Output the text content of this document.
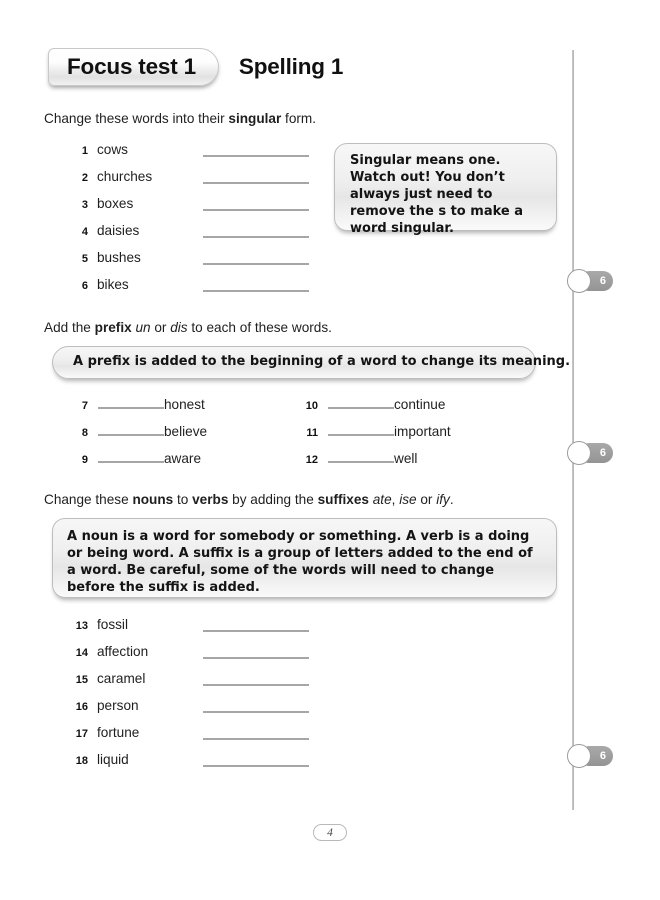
Focus test 1 Spelling 1
Change these words into their singular form.
Singular means one. Watch out! You don’t always just need to remove the s to make a word singular.
1 cows
2 churches
3 boxes
4 daisies
5 bushes
6 bikes	6
Add the prefix un or dis to each of these words.
A prefix is added to the beginning of a word to change its meaning.
7	honest
8	believe
9	aware
10	continue
11	important
12	well	6
Change these nouns to verbs by adding the suffixes ate, ise or ify.
A noun is a word for somebody or something. A verb is a doing or being word. A suffix is a group of letters added to the end of a word. Be careful, some of the words will need to change before the suffix is added.
13 fossil
14 affection
15 caramel
16 person
17 fortune
18 liquid	6
4
